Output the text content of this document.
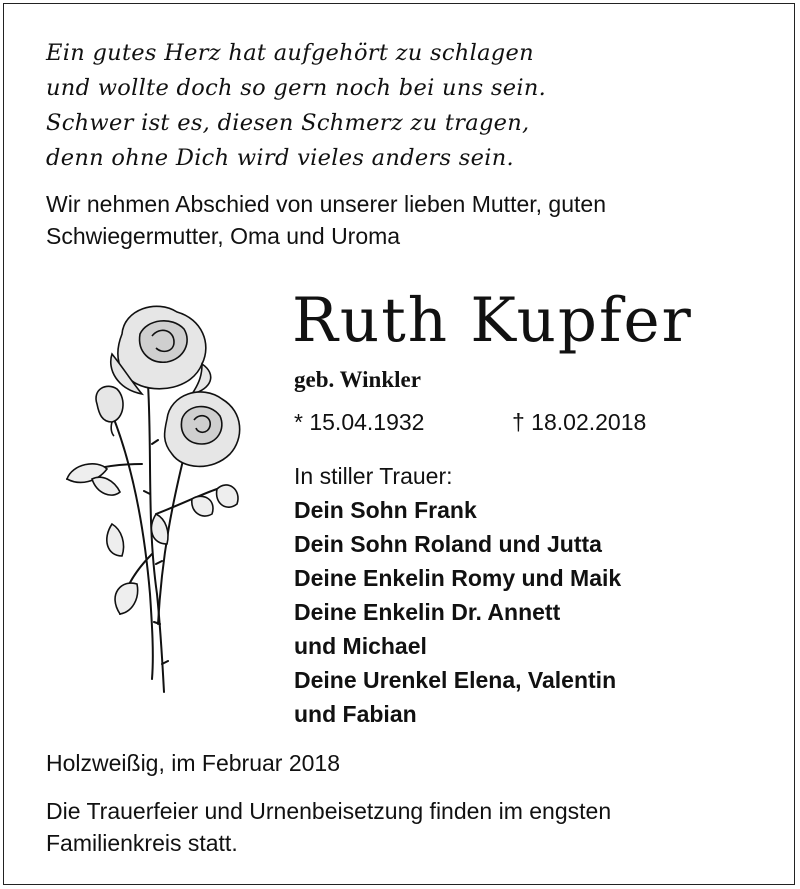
Ein gutes Herz hat aufgehört zu schlagen
und wollte doch so gern noch bei uns sein.
Schwer ist es, diesen Schmerz zu tragen,
denn ohne Dich wird vieles anders sein.
Wir nehmen Abschied von unserer lieben Mutter, guten
Schwiegermutter, Oma und Uroma
Ruth Kupfer
geb. Winkler
* 15.04.1932	† 18.02.2018
In stiller Trauer:
Dein Sohn Frank
Dein Sohn Roland und Jutta
Deine Enkelin Romy und Maik
Deine Enkelin Dr. Annett
und Michael
Deine Urenkel Elena, Valentin
und Fabian
Holzweißig, im Februar 2018
Die Trauerfeier und Urnenbeisetzung finden im engsten
Familienkreis statt.
